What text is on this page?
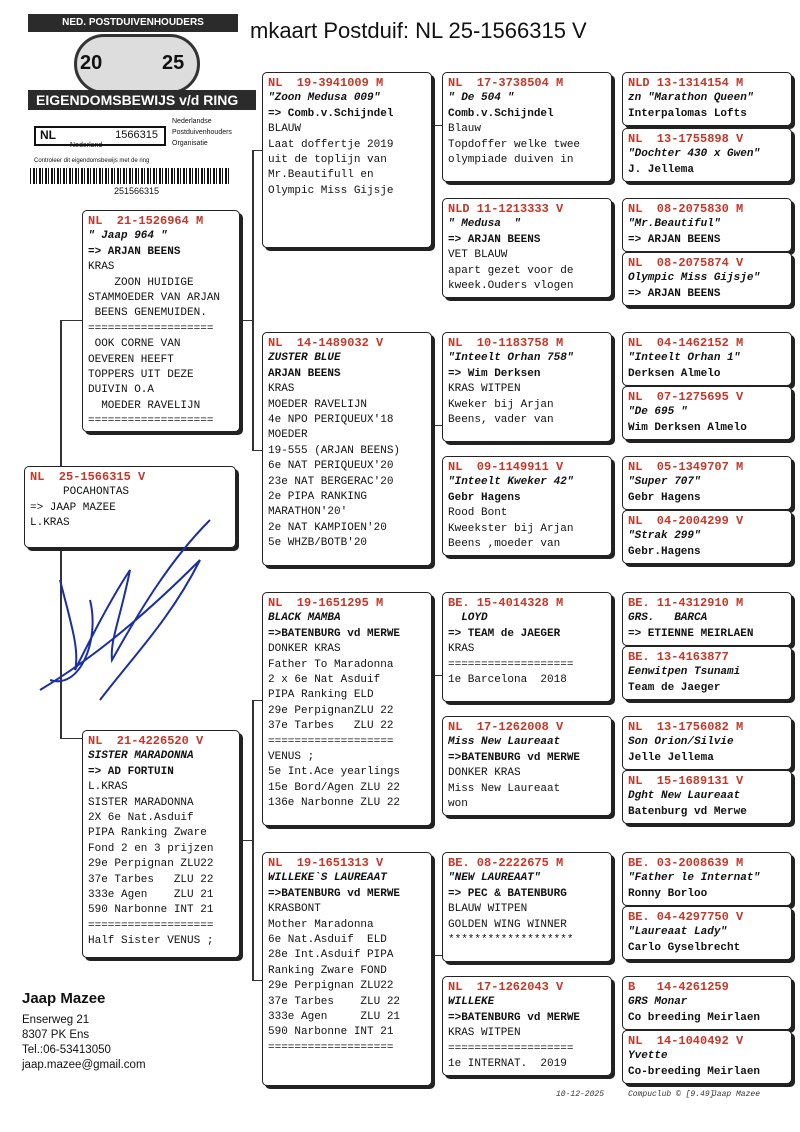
mkaart Postduif: NL 25-1566315 V
NED. POSTDUIVENHOUDERS
20	25
EIGENDOMSBEWIJS v/d RING
NL	1566315
Nederland
Nederlandse
Postduivenhouders
Organisatie
Controleer dit eigendomsbewijs met de ring
251566315
NL  25-1566315 V
POCAHONTAS
=> JAAP MAZEE
L.KRAS
NL  21-1526964 M
" Jaap 964 "
=> ARJAN BEENS
KRAS
ZOON HUIDIGE
STAMMOEDER VAN ARJAN
BEENS GENEMUIDEN.
===================
OOK CORNE VAN
OEVEREN HEEFT
TOPPERS UIT DEZE
DUIVIN O.A
MOEDER RAVELIJN
===================
NL  21-4226520 V
SISTER MARADONNA
=> AD FORTUIN
L.KRAS
SISTER MARADONNA
2X 6e Nat.Asduif
PIPA Ranking Zware
Fond 2 en 3 prijzen
29e Perpignan ZLU22
37e Tarbes   ZLU 22
333e Agen    ZLU 21
590 Narbonne INT 21
===================
Half Sister VENUS ;
NL  19-3941009 M
"Zoon Medusa 009"
=> Comb.v.Schijndel
BLAUW
Laat doffertje 2019
uit de toplijn van
Mr.Beautifull en
Olympic Miss Gijsje
NL  14-1489032 V
ZUSTER BLUE
ARJAN BEENS
KRAS
MOEDER RAVELIJN
4e NPO PERIQUEUX'18
MOEDER
19-555 (ARJAN BEENS)
6e NAT PERIQUEUX'20
23e NAT BERGERAC'20
2e PIPA RANKING
MARATHON'20'
2e NAT KAMPIOEN'20
5e WHZB/BOTB'20
NL  19-1651295 M
BLACK MAMBA
=>BATENBURG vd MERWE
DONKER KRAS
Father To Maradonna
2 x 6e Nat Asduif
PIPA Ranking ELD
29e PerpignanZLU 22
37e Tarbes   ZLU 22
===================
VENUS ;
5e Int.Ace yearlings
15e Bord/Agen ZLU 22
136e Narbonne ZLU 22
NL  19-1651313 V
WILLEKE`S LAUREAAT
=>BATENBURG vd MERWE
KRASBONT
Mother Maradonna
6e Nat.Asduif  ELD
28e Int.Asduif PIPA
Ranking Zware FOND
29e Perpignan ZLU22
37e Tarbes    ZLU 22
333e Agen     ZLU 21
590 Narbonne INT 21
===================
NL  17-3738504 M
" De 504 "
Comb.v.Schijndel
Blauw
Topdoffer welke twee
olympiade duiven in
NLD 11-1213333 V
" Medusa  "
=> ARJAN BEENS
VET BLAUW
apart gezet voor de
kweek.Ouders vlogen
NL  10-1183758 M
"Inteelt Orhan 758"
=> Wim Derksen
KRAS WITPEN
Kweker bij Arjan
Beens, vader van
NL  09-1149911 V
"Inteelt Kweker 42"
Gebr Hagens
Rood Bont
Kweekster bij Arjan
Beens ,moeder van
BE. 15-4014328 M
LOYD
=> TEAM de JAEGER
KRAS
===================
1e Barcelona  2018
NL  17-1262008 V
Miss New Laureaat
=>BATENBURG vd MERWE
DONKER KRAS
Miss New Laureaat
won
BE. 08-2222675 M
"NEW LAUREAAT"
=> PEC & BATENBURG
BLAUW WITPEN
GOLDEN WING WINNER
*******************
NL  17-1262043 V
WILLEKE
=>BATENBURG vd MERWE
KRAS WITPEN
===================
1e INTERNAT.  2019
NLD 13-1314154 M
zn "Marathon Queen"
Interpalomas Lofts
NL  13-1755898 V
"Dochter 430 x Gwen"
J. Jellema
NL  08-2075830 M
"Mr.Beautiful"
=> ARJAN BEENS
NL  08-2075874 V
Olympic Miss Gijsje"
=> ARJAN BEENS
NL  04-1462152 M
"Inteelt Orhan 1"
Derksen Almelo
NL  07-1275695 V
"De 695 "
Wim Derksen Almelo
NL  05-1349707 M
"Super 707"
Gebr Hagens
NL  04-2004299 V
"Strak 299"
Gebr.Hagens
BE. 11-4312910 M
GRS.   BARCA
=> ETIENNE MEIRLAEN
BE. 13-4163877
Eenwitpen Tsunami
Team de Jaeger
NL  13-1756082 M
Son Orion/Silvie
Jelle Jellema
NL  15-1689131 V
Dght New Laureaat
Batenburg vd Merwe
BE. 03-2008639 M
"Father le Internat"
Ronny Borloo
BE. 04-4297750 V
"Laureaat Lady"
Carlo Gyselbrecht
B   14-4261259
GRS Monar
Co breeding Meirlaen
NL  14-1040492 V
Yvette
Co-breeding Meirlaen
Jaap Mazee
Enserweg 21
8307 PK Ens
Tel.:06-53413050
jaap.mazee@gmail.com
10-12-2025	Compuclub © [9.49]
Jaap Mazee
